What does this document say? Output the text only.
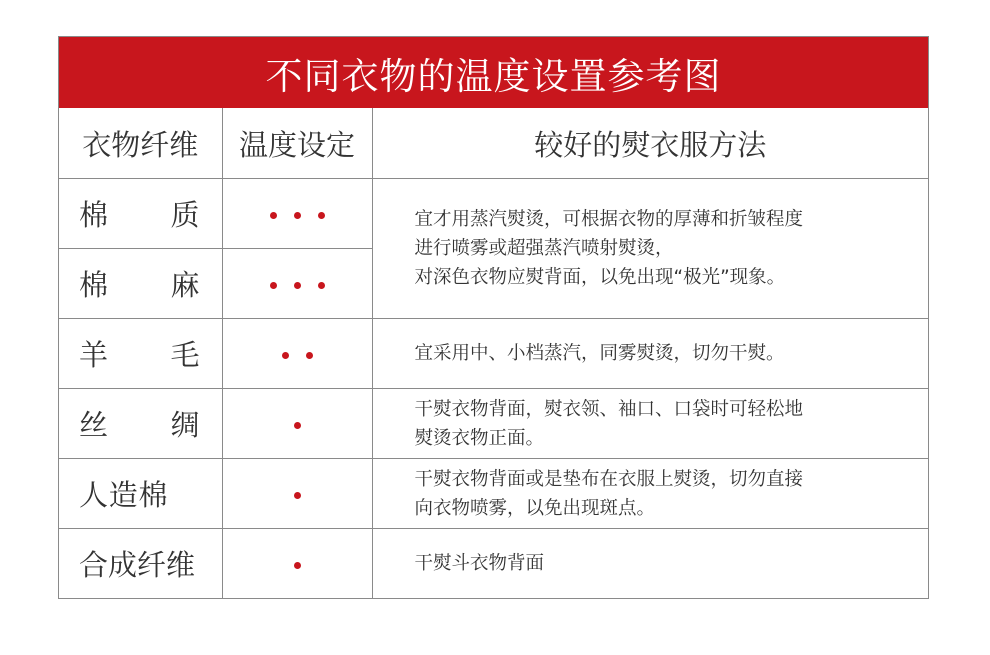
不同衣物的温度设置参考图
衣物纤维	温度设定	较好的熨衣服方法

棉 质		宜才用蒸汽熨烫，可根据衣物的厚薄和折皱程度
进行喷雾或超强蒸汽喷射熨烫，
对深色衣物应熨背面，以免出现“极光”现象。

棉 麻		

羊 毛		宜采用中、小档蒸汽，同雾熨烫，切勿干熨。

丝 绸		干熨衣物背面，熨衣领、袖口、口袋时可轻松地
熨烫衣物正面。

人 造 棉		干熨衣物背面或是垫布在衣服上熨烫，切勿直接
向衣物喷雾，以免出现斑点。
合成纤维		干熨斗衣物背面
